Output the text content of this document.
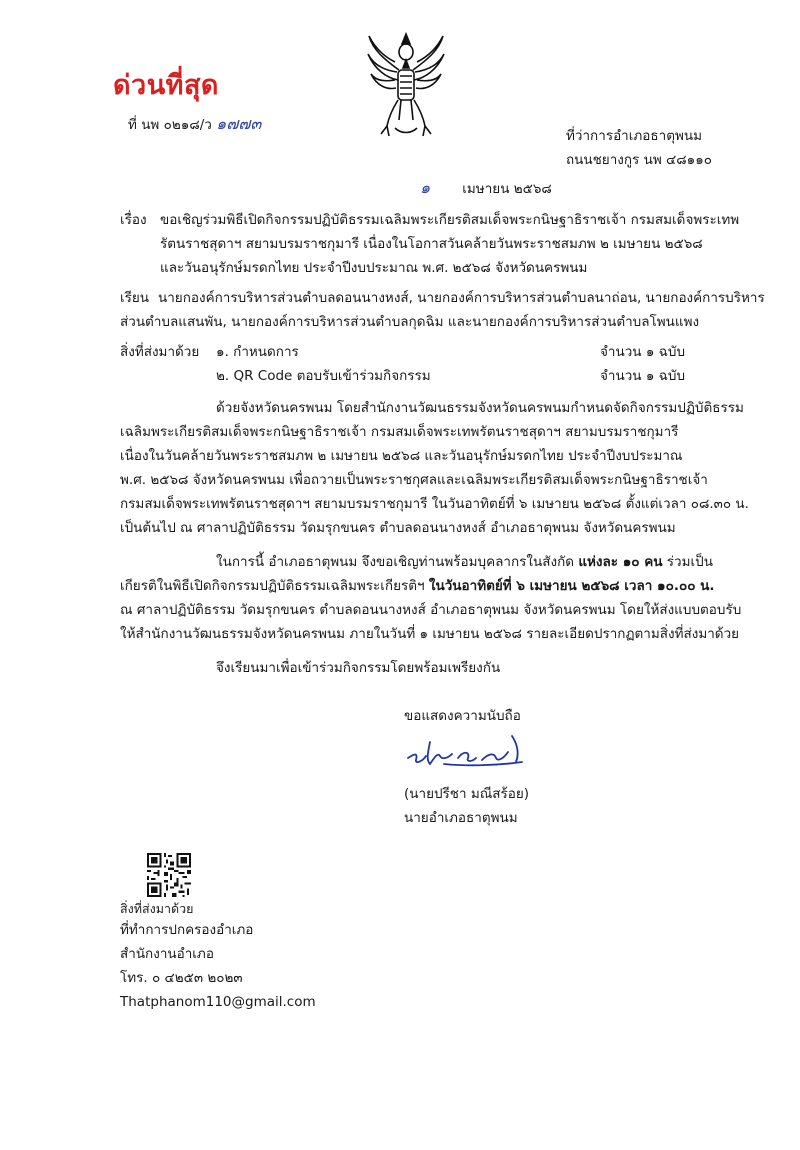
ด่วนที่สุด
ที่ นพ ๐๒๑๘/ว ๑๗๗๓
ที่ว่าการอำเภอธาตุพนม
ถนนชยางกูร นพ ๔๘๑๑๐
๑ เมษายน ๒๕๖๘
เรื่อง ขอเชิญร่วมพิธีเปิดกิจกรรมปฏิบัติธรรมเฉลิมพระเกียรติสมเด็จพระกนิษฐาธิราชเจ้า กรมสมเด็จพระเทพ
รัตนราชสุดาฯ สยามบรมราชกุมารี เนื่องในโอกาสวันคล้ายวันพระราชสมภพ ๒ เมษายน ๒๕๖๘
และวันอนุรักษ์มรดกไทย ประจำปีงบประมาณ พ.ศ. ๒๕๖๘ จังหวัดนครพนม
เรียน นายกองค์การบริหารส่วนตำบลดอนนางหงส์, นายกองค์การบริหารส่วนตำบลนาถ่อน, นายกองค์การบริหาร
ส่วนตำบลแสนพัน, นายกองค์การบริหารส่วนตำบลกุดฉิม และนายกองค์การบริหารส่วนตำบลโพนแพง
สิ่งที่ส่งมาด้วย ๑. กำหนดการ	จำนวน ๑ ฉบับ
๒. QR Code ตอบรับเข้าร่วมกิจกรรม	จำนวน ๑ ฉบับ
ด้วยจังหวัดนครพนม โดยสำนักงานวัฒนธรรมจังหวัดนครพนมกำหนดจัดกิจกรรมปฏิบัติธรรม
เฉลิมพระเกียรติสมเด็จพระกนิษฐาธิราชเจ้า กรมสมเด็จพระเทพรัตนราชสุดาฯ สยามบรมราชกุมารี
เนื่องในวันคล้ายวันพระราชสมภพ ๒ เมษายน ๒๕๖๘ และวันอนุรักษ์มรดกไทย ประจำปีงบประมาณ
พ.ศ. ๒๕๖๘ จังหวัดนครพนม เพื่อถวายเป็นพระราชกุศลและเฉลิมพระเกียรติสมเด็จพระกนิษฐาธิราชเจ้า
กรมสมเด็จพระเทพรัตนราชสุดาฯ สยามบรมราชกุมารี ในวันอาทิตย์ที่ ๖ เมษายน ๒๕๖๘ ตั้งแต่เวลา ๐๘.๓๐ น.
เป็นต้นไป ณ ศาลาปฏิบัติธรรม วัดมรุกขนคร ตำบลดอนนางหงส์ อำเภอธาตุพนม จังหวัดนครพนม
ในการนี้ อำเภอธาตุพนม จึงขอเชิญท่านพร้อมบุคลากรในสังกัด แห่งละ ๑๐ คน ร่วมเป็น
เกียรติในพิธีเปิดกิจกรรมปฏิบัติธรรมเฉลิมพระเกียรติฯ ในวันอาทิตย์ที่ ๖ เมษายน ๒๕๖๘ เวลา ๑๐.๐๐ น.
ณ ศาลาปฏิบัติธรรม วัดมรุกขนคร ตำบลดอนนางหงส์ อำเภอธาตุพนม จังหวัดนครพนม โดยให้ส่งแบบตอบรับ
ให้สำนักงานวัฒนธรรมจังหวัดนครพนม ภายในวันที่ ๑ เมษายน ๒๕๖๘ รายละเอียดปรากฏตามสิ่งที่ส่งมาด้วย
จึงเรียนมาเพื่อเข้าร่วมกิจกรรมโดยพร้อมเพรียงกัน
ขอแสดงความนับถือ
(นายปรีชา มณีสร้อย)
นายอำเภอธาตุพนม
สิ่งที่ส่งมาด้วย
ที่ทำการปกครองอำเภอ
สำนักงานอำเภอ
โทร. ๐ ๔๒๕๓ ๒๐๒๓
Thatphanom110@gmail.com
